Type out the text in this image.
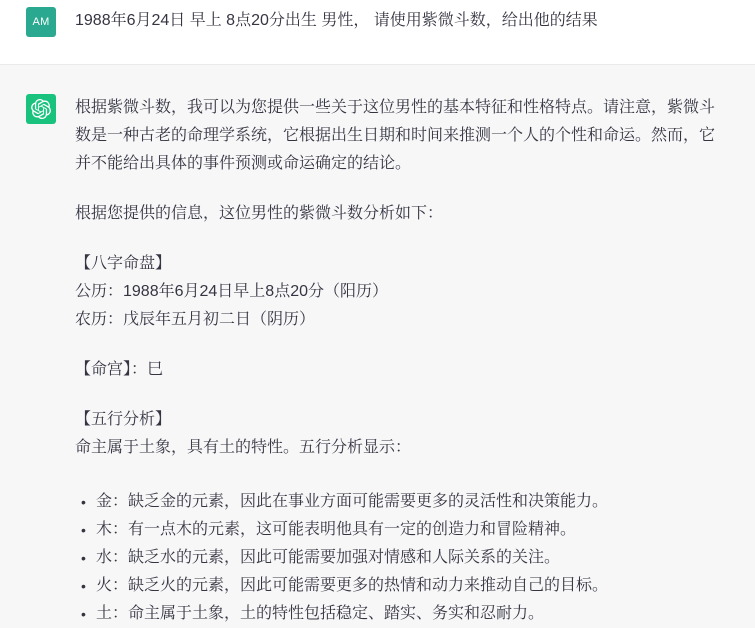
AM	1988年6月24日 早上 8点20分出生 男性， 请使用紫微斗数，给出他的结果

根据紫微斗数，我可以为您提供一些关于这位男性的基本特征和性格特点。请注意，紫微斗数是一种古老的命理学系统，它根据出生日期和时间来推测一个人的个性和命运。然而，它并不能给出具体的事件预测或命运确定的结论。

根据您提供的信息，这位男性的紫微斗数分析如下：

【八字命盘】
公历：1988年6月24日早上8点20分（阳历）
农历：戊辰年五月初二日（阴历）

【命宫】：巳

【五行分析】
命主属于土象，具有土的特性。五行分析显示：

• 金：缺乏金的元素，因此在事业方面可能需要更多的灵活性和决策能力。
• 木：有一点木的元素，这可能表明他具有一定的创造力和冒险精神。
• 水：缺乏水的元素，因此可能需要加强对情感和人际关系的关注。
• 火：缺乏火的元素，因此可能需要更多的热情和动力来推动自己的目标。
• 土：命主属于土象，土的特性包括稳定、踏实、务实和忍耐力。
